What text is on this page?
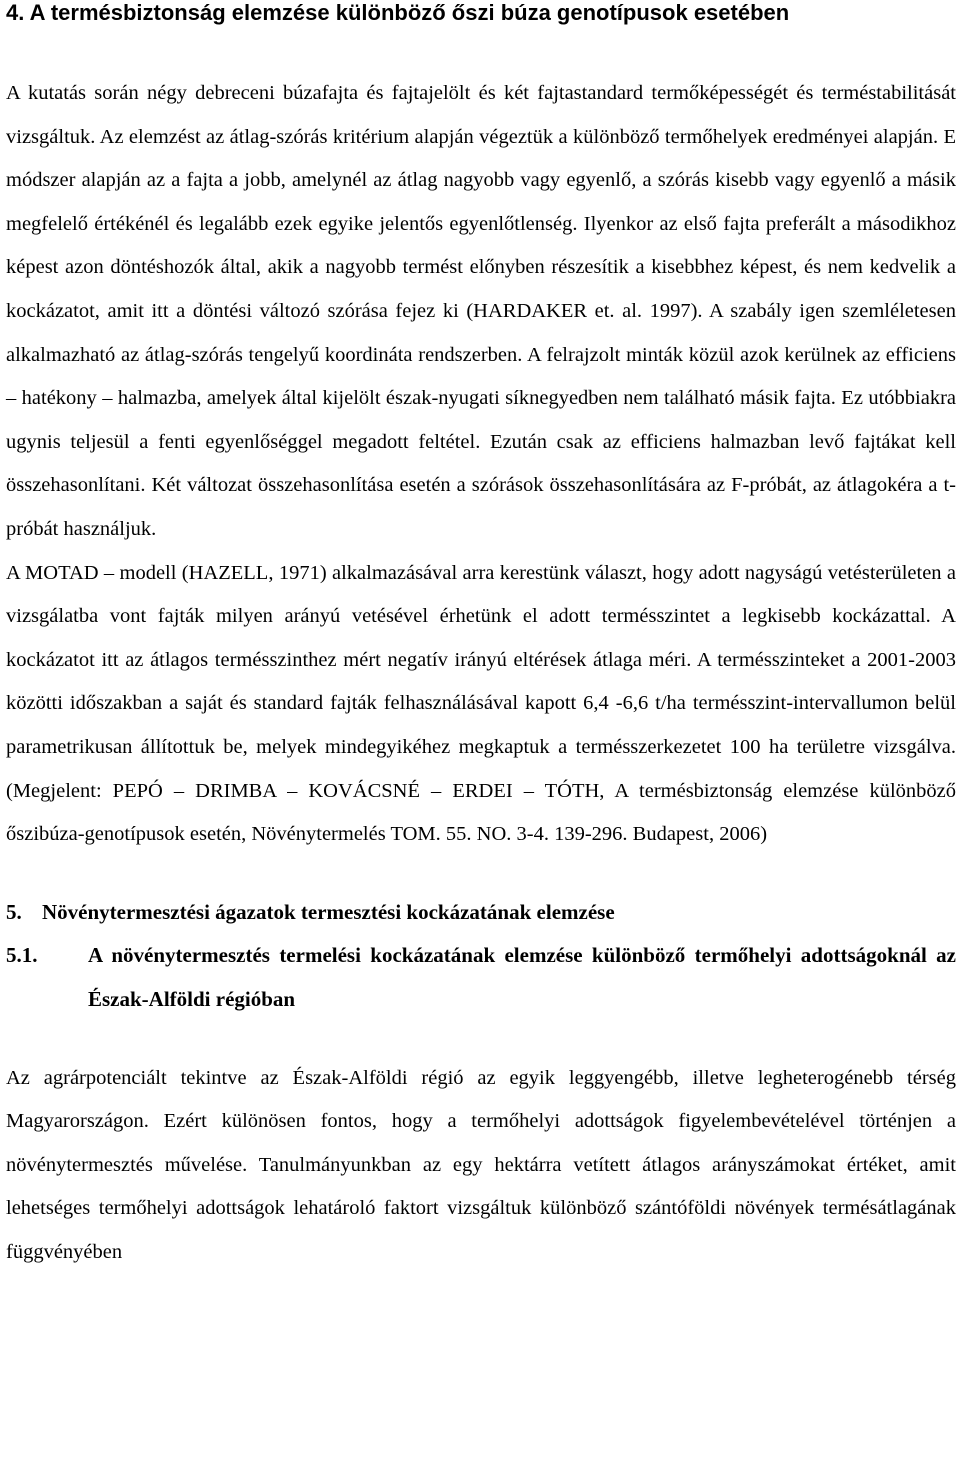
4. A termésbiztonság elemzése különböző őszi búza genotípusok esetében

A kutatás során négy debreceni búzafajta és fajtajelölt és két fajtastandard termőképességét és terméstabilitását vizsgáltuk. Az elemzést az átlag-szórás kritérium alapján végeztük a különböző termőhelyek eredményei alapján. E módszer alapján az a fajta a jobb, amelynél az átlag nagyobb vagy egyenlő, a szórás kisebb vagy egyenlő a másik megfelelő értékénél és legalább ezek egyike jelentős egyenlőtlenség. Ilyenkor az első fajta preferált a másodikhoz képest azon döntéshozók által, akik a nagyobb termést előnyben részesítik a kisebbhez képest, és nem kedvelik a kockázatot, amit itt a döntési változó szórása fejez ki (HARDAKER et. al. 1997). A szabály igen szemléletesen alkalmazható az átlag-szórás tengelyű koordináta rendszerben. A felrajzolt minták közül azok kerülnek az efficiens – hatékony – halmazba, amelyek által kijelölt észak-nyugati síknegyedben nem található másik fajta. Ez utóbbiakra ugynis teljesül a fenti egyenlőséggel megadott feltétel. Ezután csak az efficiens halmazban levő fajtákat kell összehasonlítani. Két változat összehasonlítása esetén a szórások összehasonlítására az F-próbát, az átlagokéra a t-próbát használjuk.

A MOTAD – modell (HAZELL, 1971) alkalmazásával arra kerestünk választ, hogy adott nagyságú vetésterületen a vizsgálatba vont fajták milyen arányú vetésével érhetünk el adott termésszintet a legkisebb kockázattal. A kockázatot itt az átlagos termésszinthez mért negatív irányú eltérések átlaga méri. A termésszinteket a 2001-2003 közötti időszakban a saját és standard fajták felhasználásával kapott 6,4 -6,6 t/ha termésszint-intervallumon belül parametrikusan állítottuk be, melyek mindegyikéhez megkaptuk a termésszerkezetet 100 ha területre vizsgálva. (Megjelent: PEPÓ – DRIMBA – KOVÁCSNÉ – ERDEI – TÓTH, A termésbiztonság elemzése különböző őszibúza-genotípusok esetén, Növénytermelés TOM. 55. NO. 3-4. 139-296. Budapest, 2006)

5. Növénytermesztési ágazatok termesztési kockázatának elemzése
5.1.	A növénytermesztés termelési kockázatának elemzése különböző termőhelyi adottságoknál az Észak-Alföldi régióban

Az agrárpotenciált tekintve az Észak-Alföldi régió az egyik leggyengébb, illetve legheterogénebb térség Magyarországon. Ezért különösen fontos, hogy a termőhelyi adottságok figyelembevételével történjen a növénytermesztés művelése. Tanulmányunkban az egy hektárra vetített átlagos arányszámokat értéket, amit lehetséges termőhelyi adottságok lehatároló faktort vizsgáltuk különböző szántóföldi növények termésátlagának függvényében
